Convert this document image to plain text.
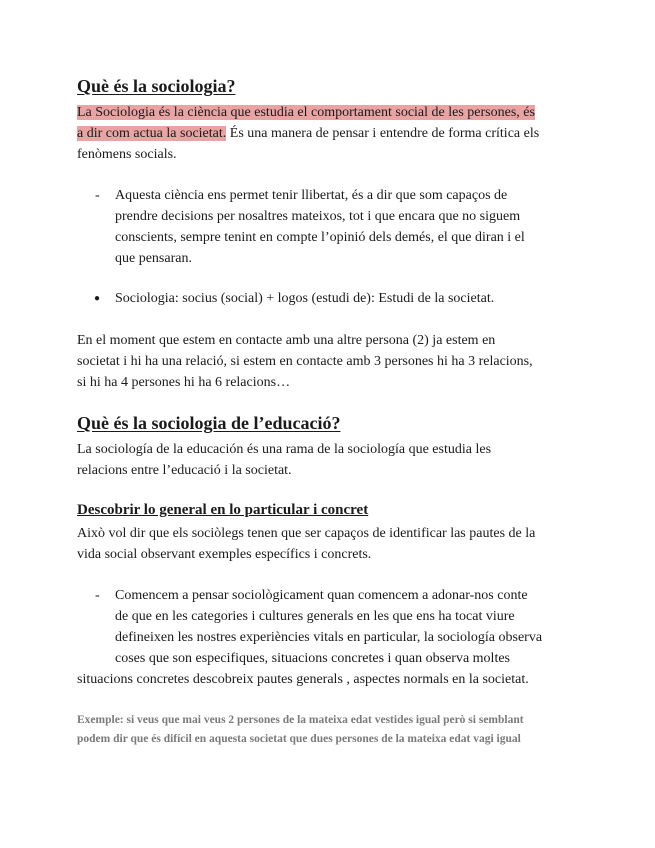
Què és la sociologia?
La Sociologia és la ciència que estudia el comportament social de les persones, és
a dir com actua la societat. És una manera de pensar i entendre de forma crítica els
fenòmens socials.
- Aquesta ciència ens permet tenir llibertat, és a dir que som capaços de
prendre decisions per nosaltres mateixos, tot i que encara que no siguem
conscients, sempre tenint en compte l’opinió dels demés, el que diran i el
que pensaran.
● Sociologia: socius (social) + logos (estudi de): Estudi de la societat.
En el moment que estem en contacte amb una altre persona (2) ja estem en
societat i hi ha una relació, si estem en contacte amb 3 persones hi ha 3 relacions,
si hi ha 4 persones hi ha 6 relacions…
Què és la sociologia de l’educació?
La sociología de la educación és una rama de la sociología que estudia les
relacions entre l’educació i la societat.
Descobrir lo general en lo particular i concret
Això vol dir que els sociòlegs tenen que ser capaços de identificar las pautes de la
vida social observant exemples específics i concrets.
- Comencem a pensar sociològicament quan comencem a adonar-nos conte
de que en les categories i cultures generals en les que ens ha tocat viure
defineixen les nostres experiències vitals en particular, la sociología observa
coses que son especifiques, situacions concretes i quan observa moltes
situacions concretes descobreix pautes generals , aspectes normals en la societat.
Exemple: si veus que mai veus 2 persones de la mateixa edat vestides igual però si semblant
podem dir que és difícil en aquesta societat que dues persones de la mateixa edat vagi igual
